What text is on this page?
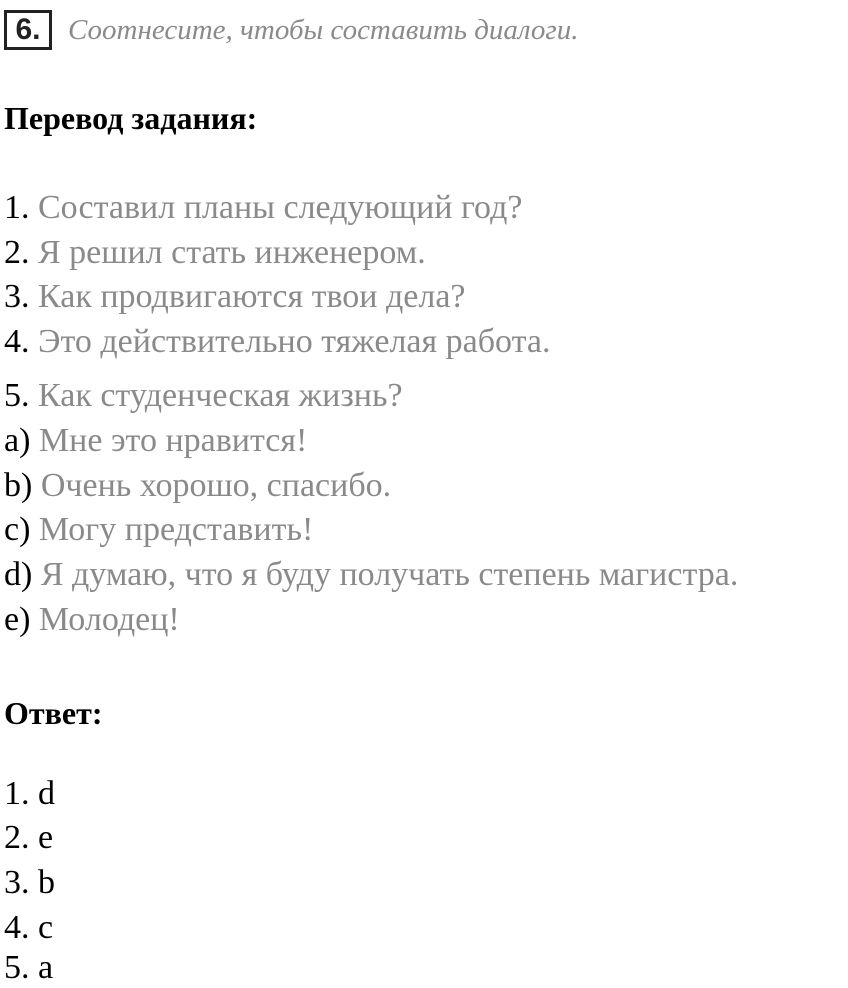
6. Соотнесите, чтобы составить диалоги.
Перевод задания:
1. Составил планы следующий год?
2. Я решил стать инженером.
3. Как продвигаются твои дела?
4. Это действительно тяжелая работа.
5. Как студенческая жизнь?
a) Мне это нравится!
b) Очень хорошо, спасибо.
c) Могу представить!
d) Я думаю, что я буду получать степень магистра.
e) Молодец!
Ответ:
1. d
2. e
3. b
4. c
5. a
